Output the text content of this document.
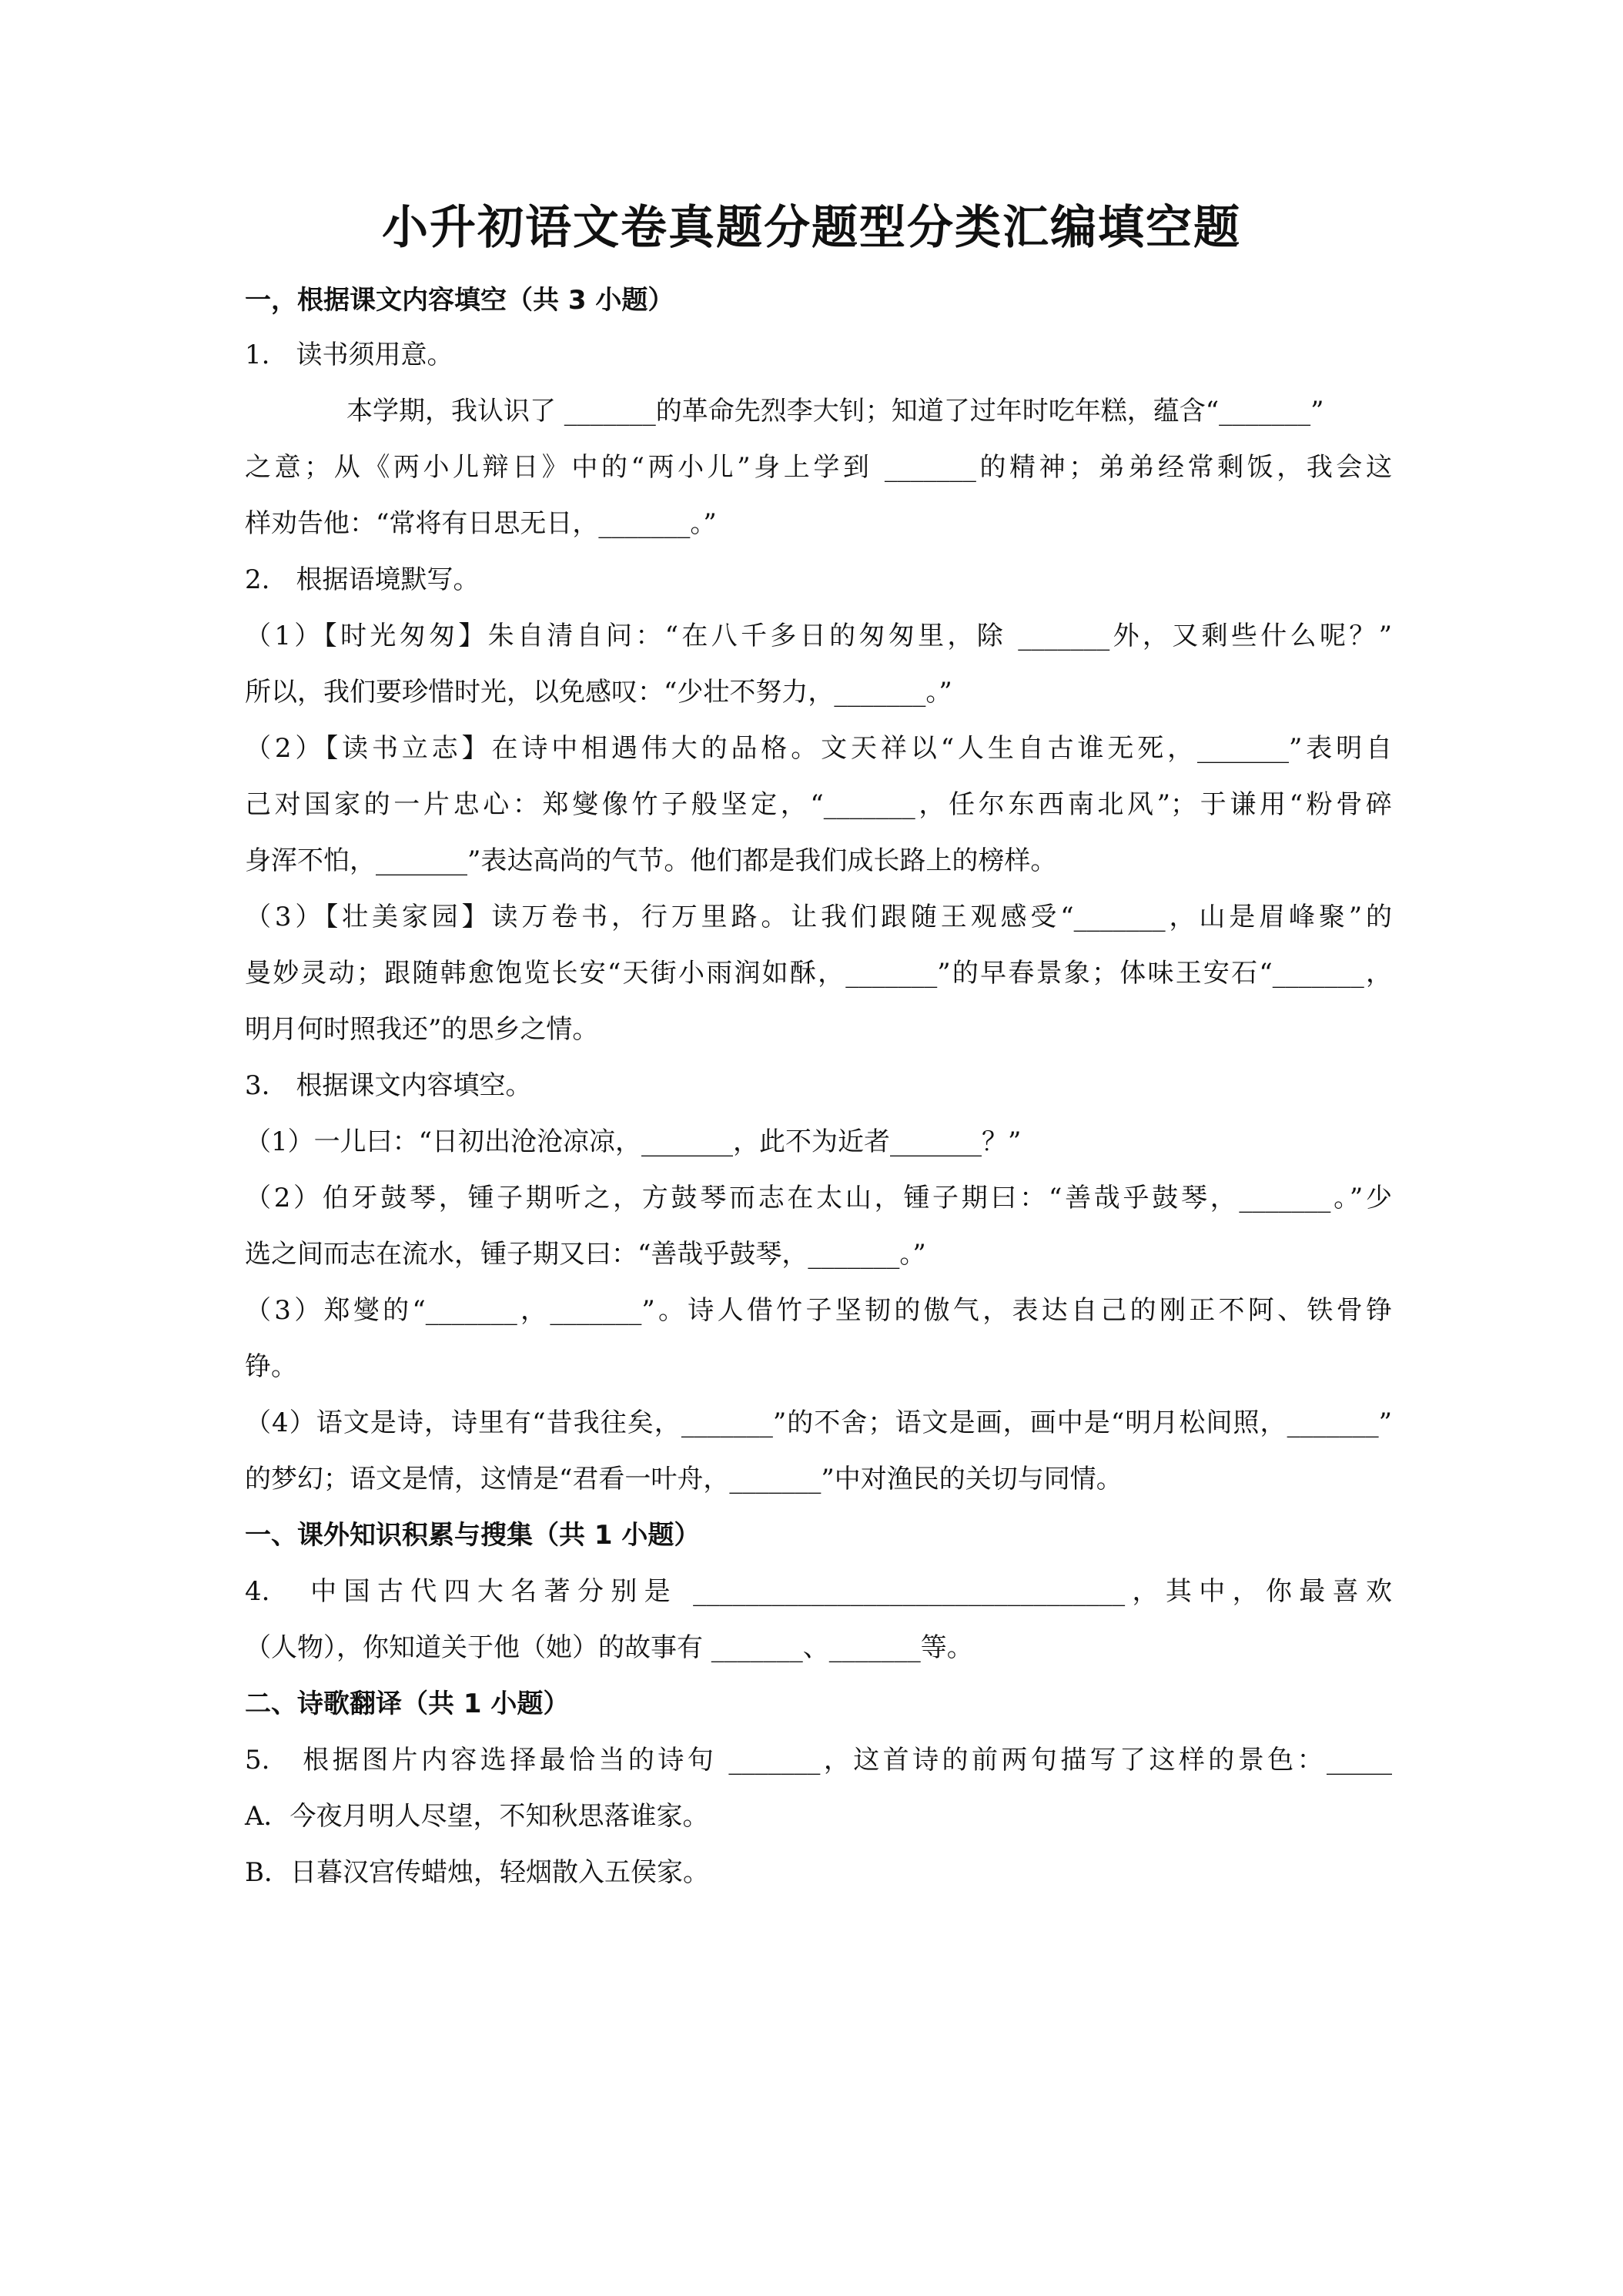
小升初语文卷真题分题型分类汇编填空题
一，根据课文内容填空（共 3 小题）
1.　读书须用意。
本学期，我认识了 _______的革命先烈李大钊；知道了过年时吃年糕，蕴含“_______”
之意；从《两小儿辩日》中的“两小儿”身上学到 _______的精神；弟弟经常剩饭，我会这
样劝告他：“常将有日思无日，_______。”
2.　根据语境默写。
（1）【时光匆匆】朱自清自问：“在八千多日的匆匆里，除 _______外，又剩些什么呢？”
所以，我们要珍惜时光，以免感叹：“少壮不努力，_______。”
（2）【读书立志】在诗中相遇伟大的品格。文天祥以“人生自古谁无死，_______”表明自
己对国家的一片忠心：郑燮像竹子般坚定，“_______，任尔东西南北风”；于谦用“粉骨碎
身浑不怕，_______”表达高尚的气节。他们都是我们成长路上的榜样。
（3）【壮美家园】读万卷书，行万里路。让我们跟随王观感受“_______，山是眉峰聚”的
曼妙灵动；跟随韩愈饱览长安“天街小雨润如酥，_______”的早春景象；体味王安石“_______，
明月何时照我还”的思乡之情。
3.　根据课文内容填空。
（1）一儿曰：“日初出沧沧凉凉，_______，此不为近者_______？”
（2）伯牙鼓琴，锺子期听之，方鼓琴而志在太山，锺子期曰：“善哉乎鼓琴，_______。”少
选之间而志在流水，锺子期又曰：“善哉乎鼓琴，_______。”
（3）郑燮的“_______，_______”。诗人借竹子坚韧的傲气，表达自己的刚正不阿、铁骨铮
铮。
（4）语文是诗，诗里有“昔我往矣，_______”的不舍；语文是画，画中是“明月松间照，_______”
的梦幻；语文是情，这情是“君看一叶舟，_______”中对渔民的关切与同情。
一、课外知识积累与搜集（共 1 小题）
4.　中国古代四大名著分别是 _________________________________，其中，你最喜欢
（人物），你知道关于他（她）的故事有 _______、_______等。
二、诗歌翻译（共 1 小题）
5.　根据图片内容选择最恰当的诗句 _______，这首诗的前两句描写了这样的景色：_____
A．今夜月明人尽望，不知秋思落谁家。
B．日暮汉宫传蜡烛，轻烟散入五侯家。
